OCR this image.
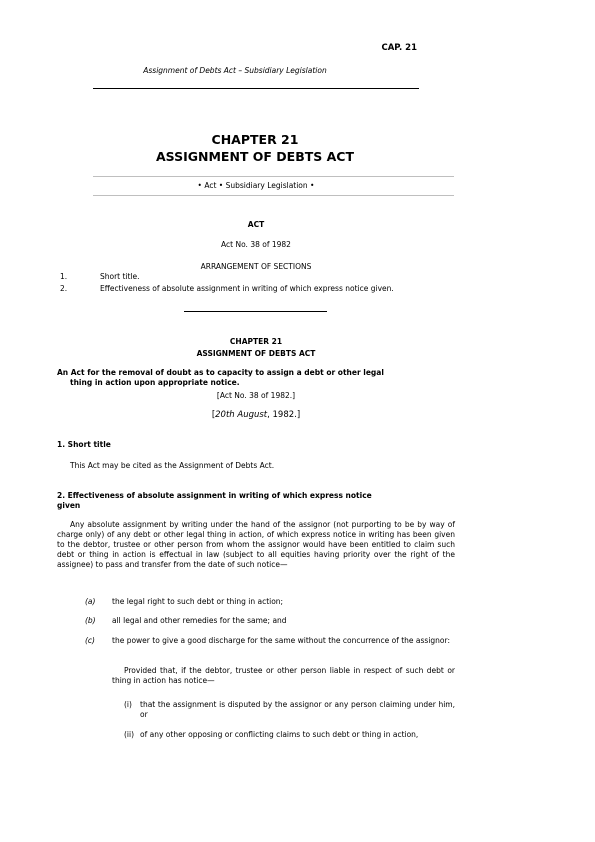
CAP. 21
Assignment of Debts Act – Subsidiary Legislation
CHAPTER 21
ASSIGNMENT OF DEBTS ACT
• Act • Subsidiary Legislation •
ACT
Act No. 38 of 1982
ARRANGEMENT OF SECTIONS
1.	Short title.
2.	Effectiveness of absolute assignment in writing of which express notice given.
CHAPTER 21
ASSIGNMENT OF DEBTS ACT
An Act for the removal of doubt as to capacity to assign a debt or other legal
thing in action upon appropriate notice.
[Act No. 38 of 1982.]
[20th August, 1982.]
1. Short title
This Act may be cited as the Assignment of Debts Act.
2. Effectiveness of absolute assignment in writing of which express notice
given
Any absolute assignment by writing under the hand of the assignor (not purporting to be by way of charge only) of any debt or other legal thing in action, of which express notice in writing has been given to the debtor, trustee or other person from whom the assignor would have been entitled to claim such debt or thing in action is effectual in law (subject to all equities having priority over the right of the assignee) to pass and transfer from the date of such notice—
(a) the legal right to such debt or thing in action;
(b) all legal and other remedies for the same; and
(c) the power to give a good discharge for the same without the concurrence of the assignor:
Provided that, if the debtor, trustee or other person liable in respect of such debt or thing in action has notice—
(i) that the assignment is disputed by the assignor or any person claiming under him, or
(ii) of any other opposing or conflicting claims to such debt or thing in action,
